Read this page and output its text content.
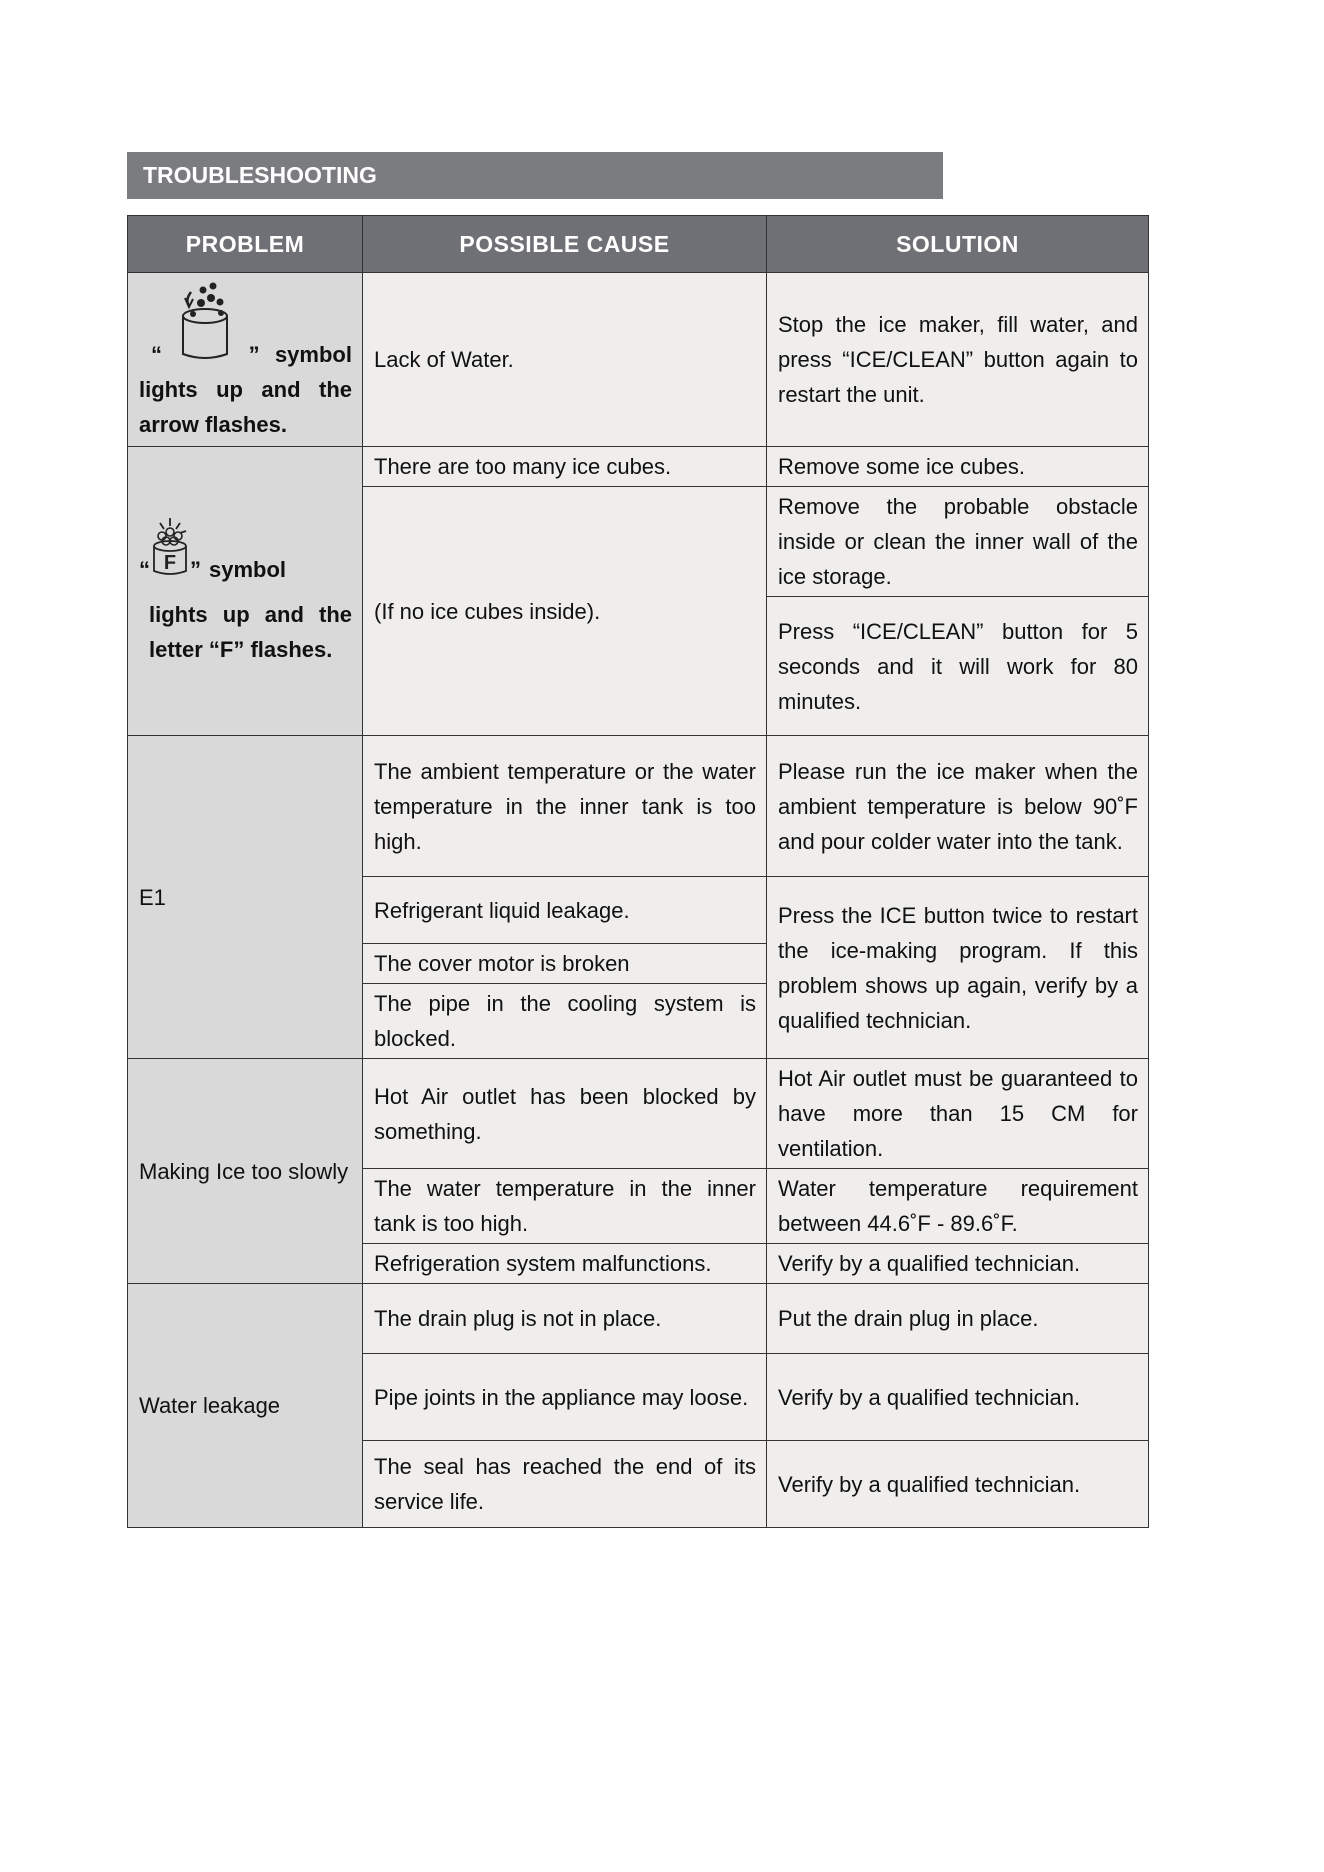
TROUBLESHOOTING
PROBLEM	POSSIBLE CAUSE	SOLUTION

“ ” symbol
lights up and the arrow flashes.	Lack of Water.	Stop the ice maker, fill water, and press “ICE/CLEAN” button again to restart the unit.

“ F ” symbol
lights up and the letter “F” flashes.	There are too many ice cubes.	Remove some ice cubes.
	(If no ice cubes inside).	Remove the probable obstacle inside or clean the inner wall of the ice storage.
		Press “ICE/CLEAN” button for 5 seconds and it will work for 80 minutes.
E1	The ambient temperature or the water temperature in the inner tank is too high.	Please run the ice maker when the ambient temperature is below 90˚F and pour colder water into the tank.
	Refrigerant liquid leakage.	Press the ICE button twice to restart the ice-making program. If this problem shows up again, verify by a qualified technician.
	The cover motor is broken	
	The pipe in the cooling system is blocked.	
Making Ice too slowly	Hot Air outlet has been blocked by something.	Hot Air outlet must be guaranteed to have more than 15 CM for ventilation.
	The water temperature in the inner tank is too high.	Water temperature requirement between 44.6˚F - 89.6˚F.
	Refrigeration system malfunctions.	Verify by a qualified technician.
Water leakage	The drain plug is not in place.	Put the drain plug in place.
	Pipe joints in the appliance may loose.	Verify by a qualified technician.
	The seal has reached the end of its service life.	Verify by a qualified technician.
